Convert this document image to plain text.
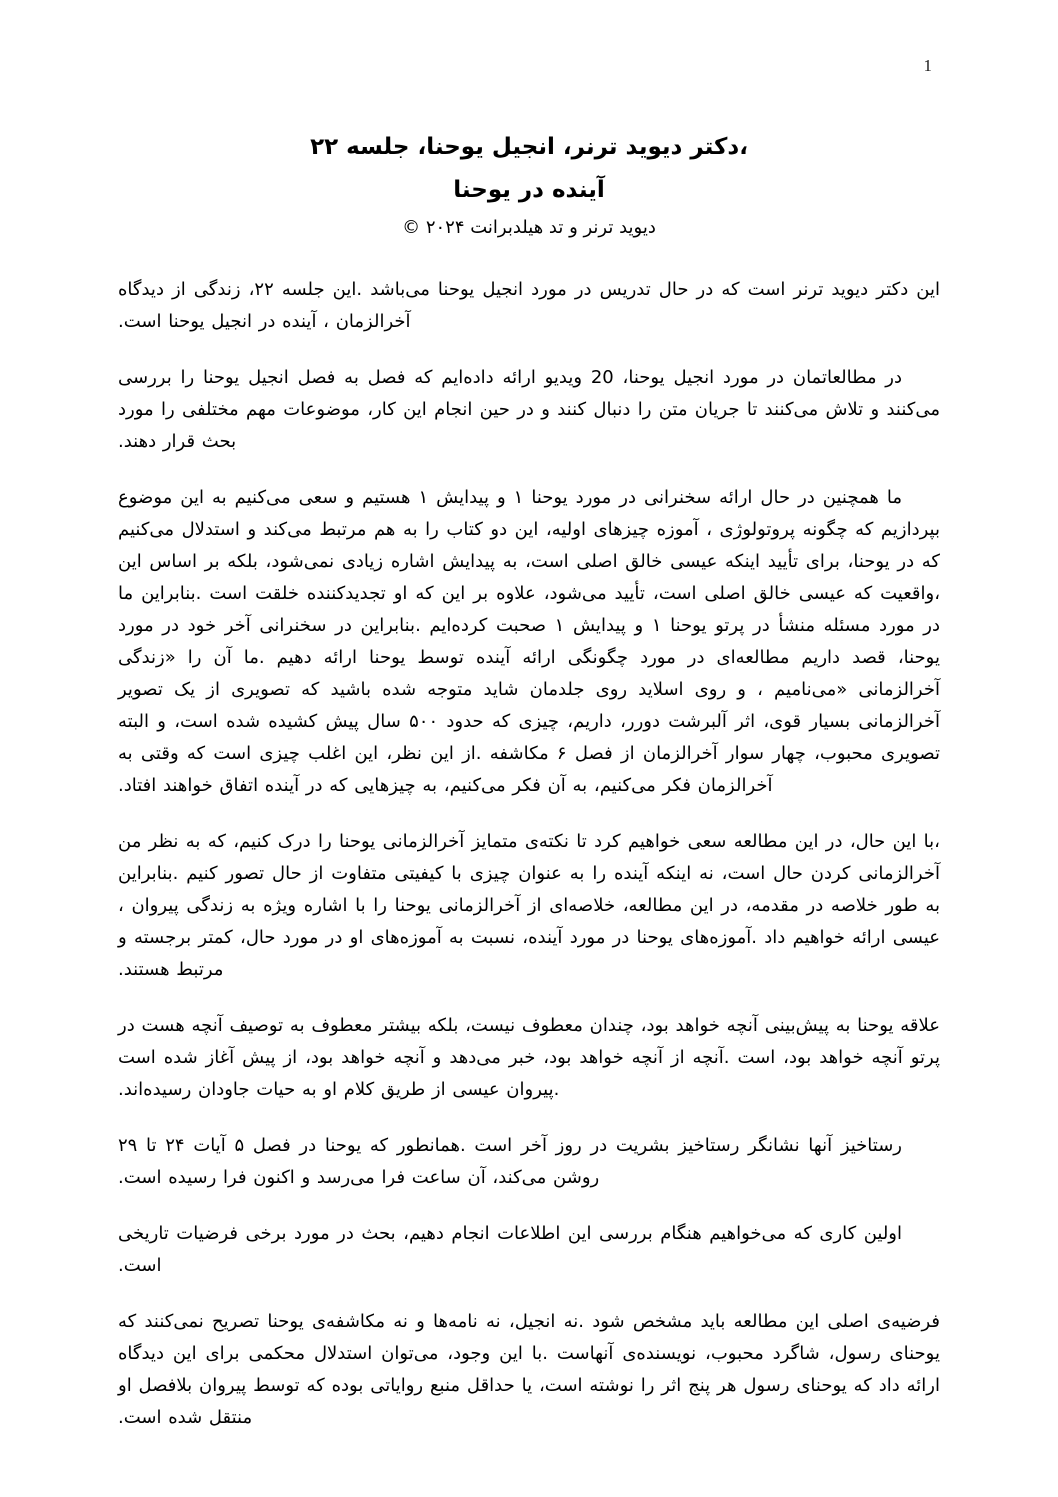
1
،دکتر دیوید ترنر، انجیل یوحنا، جلسه ۲۲
آینده در یوحنا
دیوید ترنر و تد هیلدبرانت ۲۰۲۴ ©

این دکتر دیوید ترنر است که در حال تدریس در مورد انجیل یوحنا می‌باشد .این جلسه ۲۲، زندگی از دیدگاه آخرالزمان ، آینده در انجیل یوحنا است.

در مطالعاتمان در مورد انجیل یوحنا، 20 ویدیو ارائه داده‌ایم که فصل به فصل انجیل یوحنا را بررسی می‌کنند و تلاش می‌کنند تا جریان متن را دنبال کنند و در حین انجام این کار، موضوعات مهم مختلفی را مورد بحث قرار دهند.

ما همچنین در حال ارائه سخنرانی در مورد یوحنا ۱ و پیدایش ۱ هستیم و سعی می‌کنیم به این موضوع بپردازیم که چگونه پروتولوژی ، آموزه چیزهای اولیه، این دو کتاب را به هم مرتبط می‌کند و استدلال می‌کنیم که در یوحنا، برای تأیید اینکه عیسی خالق اصلی است، به پیدایش اشاره زیادی نمی‌شود، بلکه بر اساس این ،واقعیت که عیسی خالق اصلی است، تأیید می‌شود، علاوه بر این که او تجدیدکننده خلقت است .بنابراین ما در مورد مسئله منشأ در پرتو یوحنا ۱ و پیدایش ۱ صحبت کرده‌ایم .بنابراین در سخنرانی آخر خود در مورد یوحنا، قصد داریم مطالعه‌ای در مورد چگونگی ارائه آینده توسط یوحنا ارائه دهیم .ما آن را «زندگی آخرالزمانی «می‌نامیم ، و روی اسلاید روی جلدمان شاید متوجه شده باشید که تصویری از یک تصویر آخرالزمانی بسیار قوی، اثر آلبرشت دورر، داریم، چیزی که حدود ۵۰۰ سال پیش کشیده شده است، و البته تصویری محبوب، چهار سوار آخرالزمان از فصل ۶ مکاشفه .از این نظر، این اغلب چیزی است که وقتی به آخرالزمان فکر می‌کنیم، به آن فکر می‌کنیم، به چیزهایی که در آینده اتفاق خواهند افتاد.

،با این حال، در این مطالعه سعی خواهیم کرد تا نکته‌ی متمایز آخرالزمانی یوحنا را درک کنیم، که به نظر من آخرالزمانی کردن حال است، نه اینکه آینده را به عنوان چیزی با کیفیتی متفاوت از حال تصور کنیم .بنابراین به طور خلاصه در مقدمه، در این مطالعه، خلاصه‌ای از آخرالزمانی یوحنا را با اشاره ویژه به زندگی پیروان ، عیسی ارائه خواهیم داد .آموزه‌های یوحنا در مورد آینده، نسبت به آموزه‌های او در مورد حال، کمتر برجسته و مرتبط هستند.

علاقه یوحنا به پیش‌بینی آنچه خواهد بود، چندان معطوف نیست، بلکه بیشتر معطوف به توصیف آنچه هست در پرتو آنچه خواهد بود، است .آنچه از آنچه خواهد بود، خبر می‌دهد و آنچه خواهد بود، از پیش آغاز شده است .پیروان عیسی از طریق کلام او به حیات جاودان رسیده‌اند.

رستاخیز آنها نشانگر رستاخیز بشریت در روز آخر است .همانطور که یوحنا در فصل ۵ آیات ۲۴ تا ۲۹ روشن می‌کند، آن ساعت فرا می‌رسد و اکنون فرا رسیده است.

اولین کاری که می‌خواهیم هنگام بررسی این اطلاعات انجام دهیم، بحث در مورد برخی فرضیات تاریخی است.

فرضیه‌ی اصلی این مطالعه باید مشخص شود .نه انجیل، نه نامه‌ها و نه مکاشفه‌ی یوحنا تصریح نمی‌کنند که یوحنای رسول، شاگرد محبوب، نویسنده‌ی آنهاست .با این وجود، می‌توان استدلال محکمی برای این دیدگاه ارائه داد که یوحنای رسول هر پنج اثر را نوشته است، یا حداقل منبع روایاتی بوده که توسط پیروان بلافصل او منتقل شده است.
